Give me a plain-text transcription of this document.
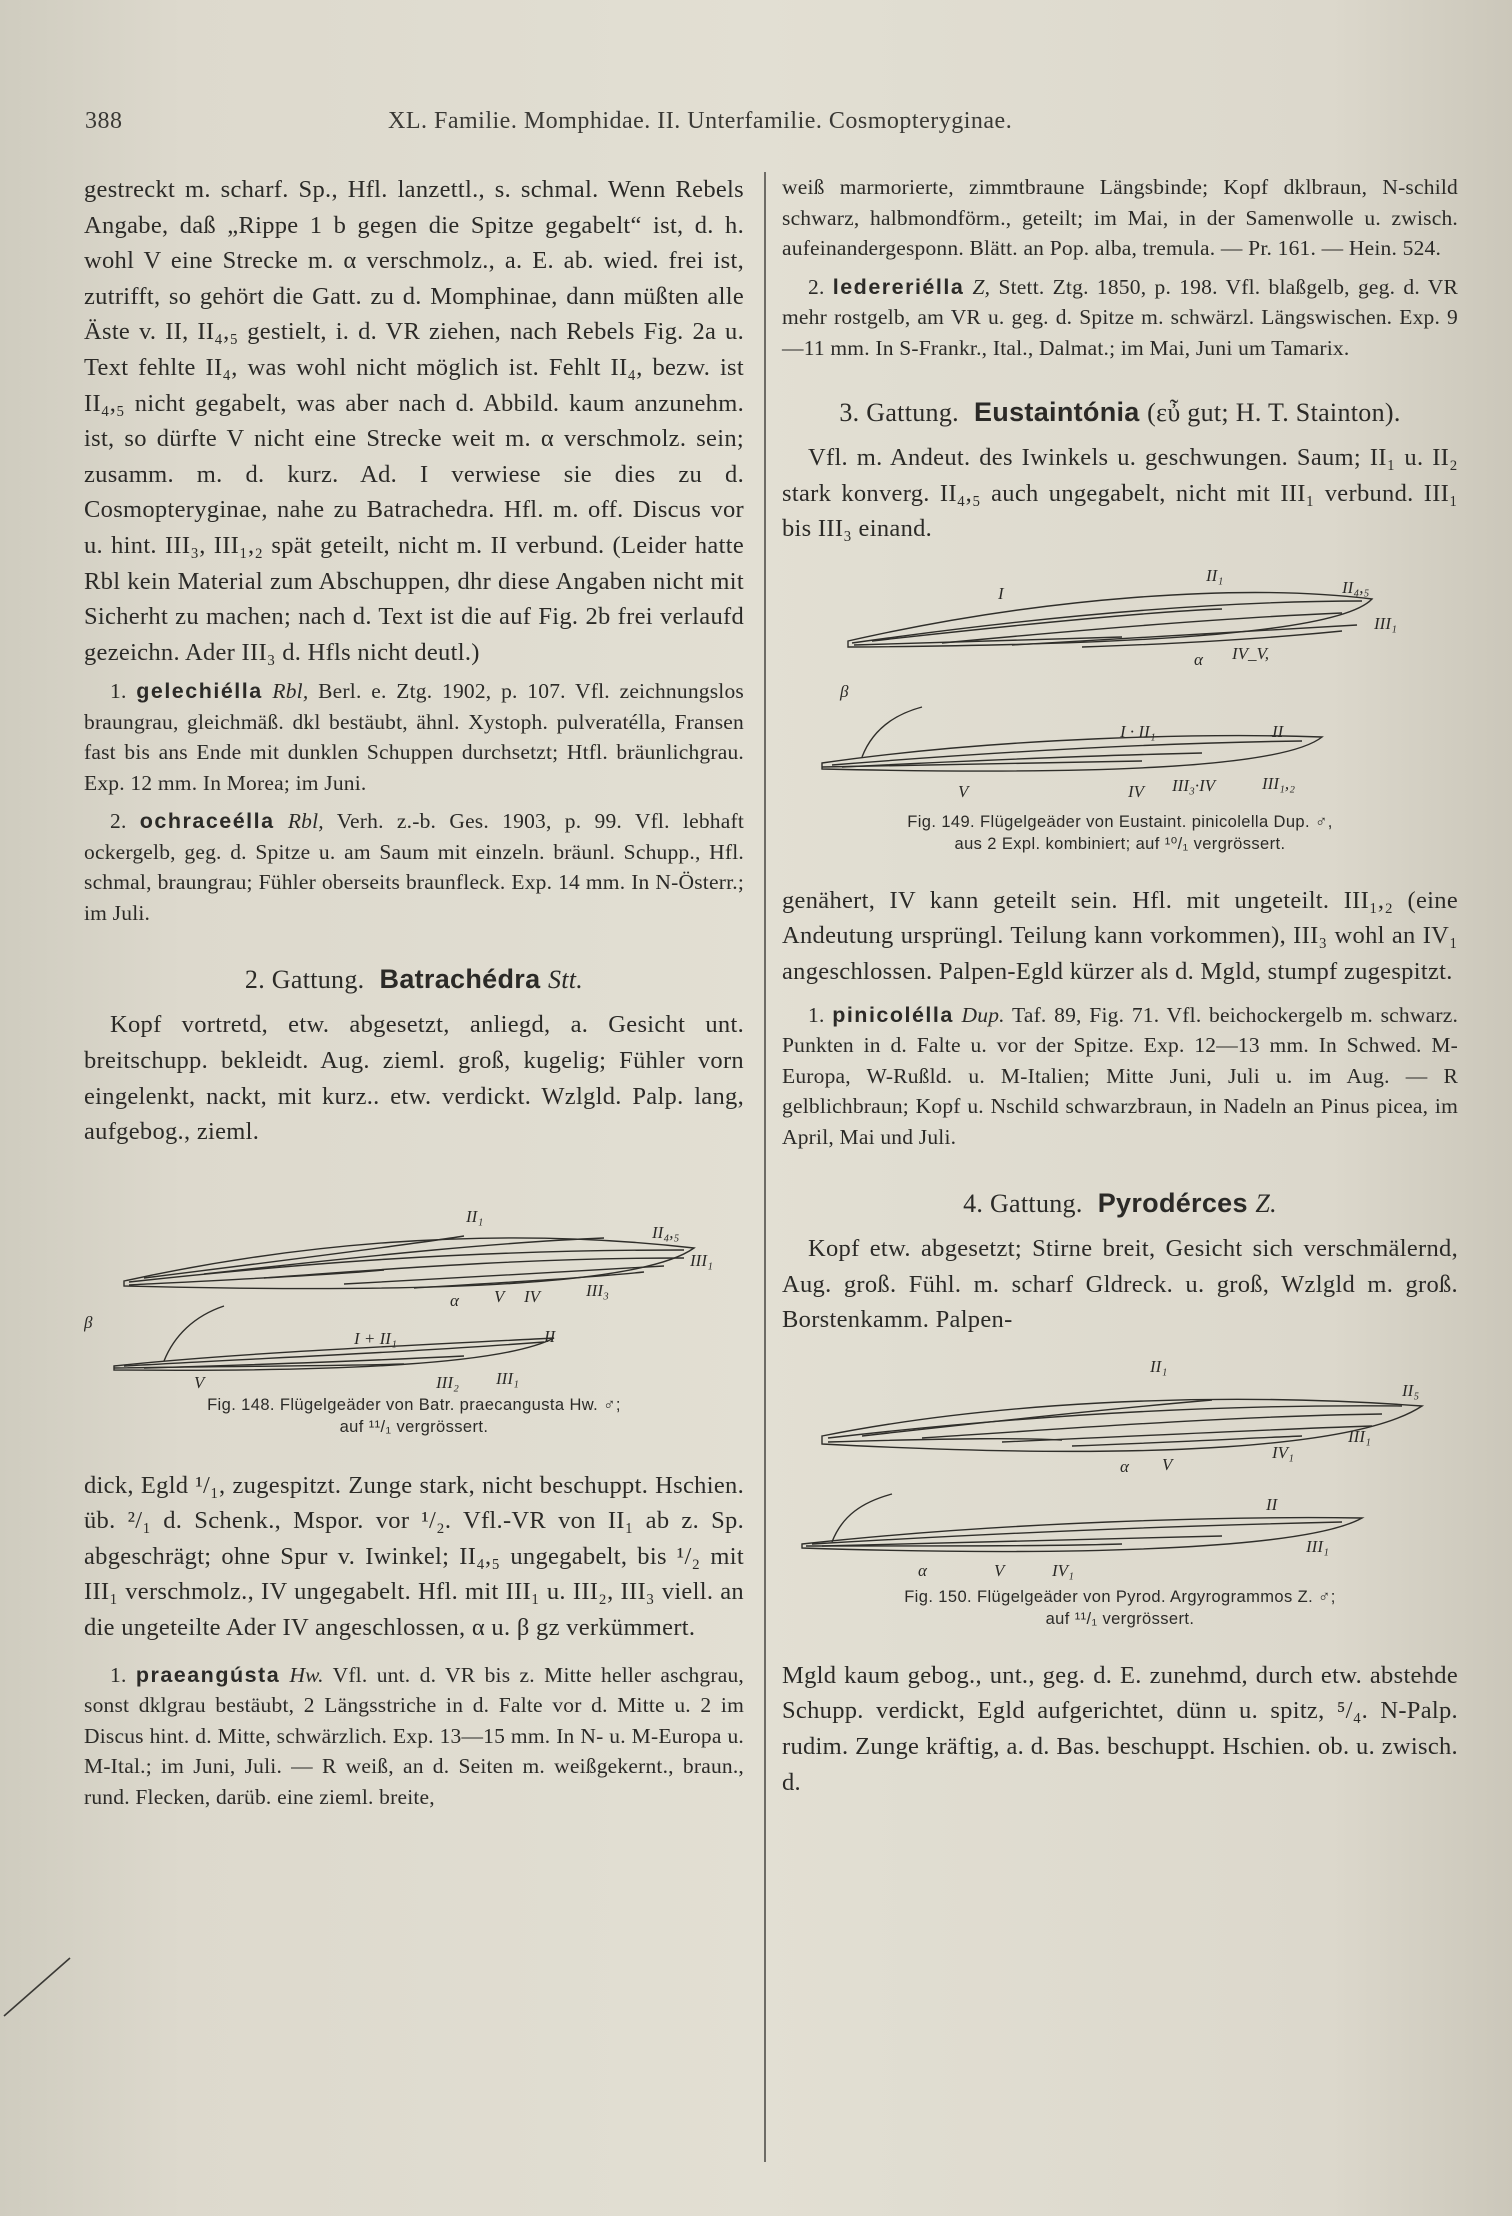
388	XL. Familie. Momphidae. II. Unterfamilie. Cosmopteryginae.

gestreckt m. scharf. Sp., Hfl. lanzettl., s. schmal. Wenn Rebels Angabe, daß „Rippe 1 b gegen die Spitze gegabelt“ ist, d. h. wohl V eine Strecke m. α verschmolz., a. E. ab. wied. frei ist, zutrifft, so gehört die Gatt. zu d. Momphinae, dann müßten alle Äste v. II, II₄,₅ gestielt, i. d. VR ziehen, nach Rebels Fig. 2a u. Text fehlte II₄, was wohl nicht möglich ist. Fehlt II₄, bezw. ist II₄,₅ nicht gegabelt, was aber nach d. Abbild. kaum anzunehm. ist, so dürfte V nicht eine Strecke weit m. α verschmolz. sein; zusamm. m. d. kurz. Ad. I verwiese sie dies zu d. Cosmopteryginae, nahe zu Batrachedra. Hfl. m. off. Discus vor u. hint. III₃, III₁,₂ spät geteilt, nicht m. II verbund. (Leider hatte Rbl kein Material zum Abschuppen, dhr diese Angaben nicht mit Sicherht zu machen; nach d. Text ist die auf Fig. 2b frei verlaufd gezeichn. Ader III₃ d. Hfls nicht deutl.)

1. gelechiélla Rbl, Berl. e. Ztg. 1902, p. 107. Vfl. zeichnungslos braungrau, gleichmäß. dkl bestäubt, ähnl. Xystoph. pulveratélla, Fransen fast bis ans Ende mit dunklen Schuppen durchsetzt; Htfl. bräunlichgrau. Exp. 12 mm. In Morea; im Juni.

2. ochraceélla Rbl, Verh. z.-b. Ges. 1903, p. 99. Vfl. lebhaft ockergelb, geg. d. Spitze u. am Saum mit einzeln. bräunl. Schupp., Hfl. schmal, braungrau; Fühler oberseits braunfleck. Exp. 14 mm. In N-Österr.; im Juli.

2. Gattung. Batrachédra Stt.

Kopf vortretd, etw. abgesetzt, anliegd, a. Gesicht unt. breitschupp. bekleidt. Aug. zieml. groß, kugelig; Fühler vorn eingelenkt, nackt, mit kurz.. etw. verdickt. Wzlgld. Palp. lang, aufgebog., zieml.

II₁
II₄,₅
III₁
α V IV	III₃
β
I + II₁	II
V	III₂ III₁

Fig. 148. Flügelgeäder von Batr. praecangusta Hw. ♂;

auf ¹¹/₁ vergrössert.

dick, Egld ¹/₁, zugespitzt. Zunge stark, nicht beschuppt. Hschien. üb. ²/₁ d. Schenk., Mspor. vor ¹/₂. Vfl.-VR von II₁ ab z. Sp. abgeschrägt; ohne Spur v. Iwinkel; II₄,₅ ungegabelt, bis ¹/₂ mit III₁ verschmolz., IV ungegabelt. Hfl. mit III₁ u. III₂, III₃ viell. an die ungeteilte Ader IV angeschlossen, α u. β gz verkümmert.

1. praeangústa Hw. Vfl. unt. d. VR bis z. Mitte heller aschgrau, sonst dklgrau bestäubt, 2 Längsstriche in d. Falte vor d. Mitte u. 2 im Discus hint. d. Mitte, schwärzlich. Exp. 13—15 mm. In N- u. M-Europa u. M-Ital.; im Juni, Juli. — R weiß, an d. Seiten m. weißgekernt., braun., rund. Flecken, darüb. eine zieml. breite,

weiß marmorierte, zimmtbraune Längsbinde; Kopf dklbraun, N-schild schwarz, halbmondförm., geteilt; im Mai, in der Samenwolle u. zwisch. aufeinandergesponn. Blätt. an Pop. alba, tremula. — Pr. 161. — Hein. 524.

2. ledereriélla Z, Stett. Ztg. 1850, p. 198. Vfl. blaßgelb, geg. d. VR mehr rostgelb, am VR u. geg. d. Spitze m. schwärzl. Längswischen. Exp. 9—11 mm. In S-Frankr., Ital., Dalmat.; im Mai, Juni um Tamarix.

3. Gattung. Eustaintónia (εὖ gut; H. T. Stainton).

Vfl. m. Andeut. des Iwinkels u. geschwungen. Saum; II₁ u. II₂ stark konverg. II₄,₅ auch ungegabelt, nicht mit III₁ verbund. III₁ bis III₃ einand.

I
II₁
II₄,₅
III₁
α IV_V,
β
I · II₁	II
V	IV III₃·IV	III₁,₂

Fig. 149. Flügelgeäder von Eustaint. pinicolella Dup. ♂,

aus 2 Expl. kombiniert; auf ¹⁰/₁ vergrössert.

genähert, IV kann geteilt sein. Hfl. mit ungeteilt. III₁,₂ (eine Andeutung ursprüngl. Teilung kann vorkommen), III₃ wohl an IV₁ angeschlossen. Palpen-Egld kürzer als d. Mgld, stumpf zugespitzt.

1. pinicolélla Dup. Taf. 89, Fig. 71. Vfl. beichockergelb m. schwarz. Punkten in d. Falte u. vor der Spitze. Exp. 12—13 mm. In Schwed. M-Europa, W-Rußld. u. M-Italien; Mitte Juni, Juli u. im Aug. — R gelblichbraun; Kopf u. Nschild schwarzbraun, in Nadeln an Pinus picea, im April, Mai und Juli.

4. Gattung. Pyrodérces Z.

Kopf etw. abgesetzt; Stirne breit, Gesicht sich verschmälernd, Aug. groß. Fühl. m. scharf Gldreck. u. groß, Wzlgld m. groß. Borstenkamm. Palpen-

II₁
II₅
III₁
IV₁
α V
II
III₁
α	V	IV₁

Fig. 150. Flügelgeäder von Pyrod. Argyrogrammos Z. ♂;

auf ¹¹/₁ vergrössert.

Mgld kaum gebog., unt., geg. d. E. zunehmd, durch etw. abstehde Schupp. verdickt, Egld aufgerichtet, dünn u. spitz, ⁵/₄. N-Palp. rudim. Zunge kräftig, a. d. Bas. beschuppt. Hschien. ob. u. zwisch. d.
